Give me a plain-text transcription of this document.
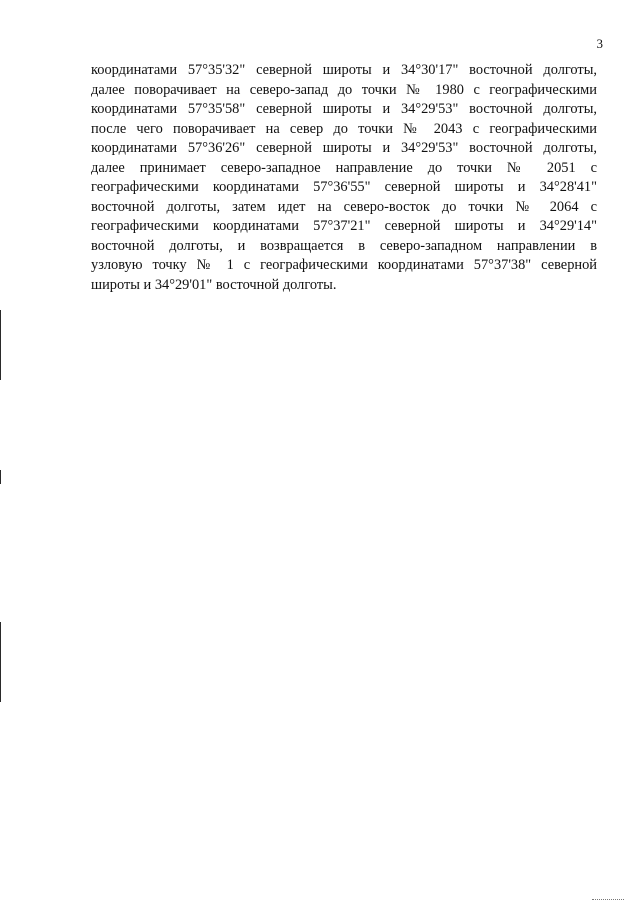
3
координатами 57°35'32" северной широты и 34°30'17" восточной долготы,
далее поворачивает на северо-запад до точки № 1980 с географическими
координатами 57°35'58" северной широты и 34°29'53" восточной долготы,
после чего поворачивает на север до точки № 2043 с географическими
координатами 57°36'26" северной широты и 34°29'53" восточной долготы,
далее принимает северо-западное направление до точки № 2051 с
географическими координатами 57°36'55" северной широты и 34°28'41"
восточной долготы, затем идет на северо-восток до точки № 2064 с
географическими координатами 57°37'21" северной широты и 34°29'14"
восточной долготы, и возвращается в северо-западном направлении в
узловую точку № 1 с географическими координатами 57°37'38" северной
широты и 34°29'01" восточной долготы.
